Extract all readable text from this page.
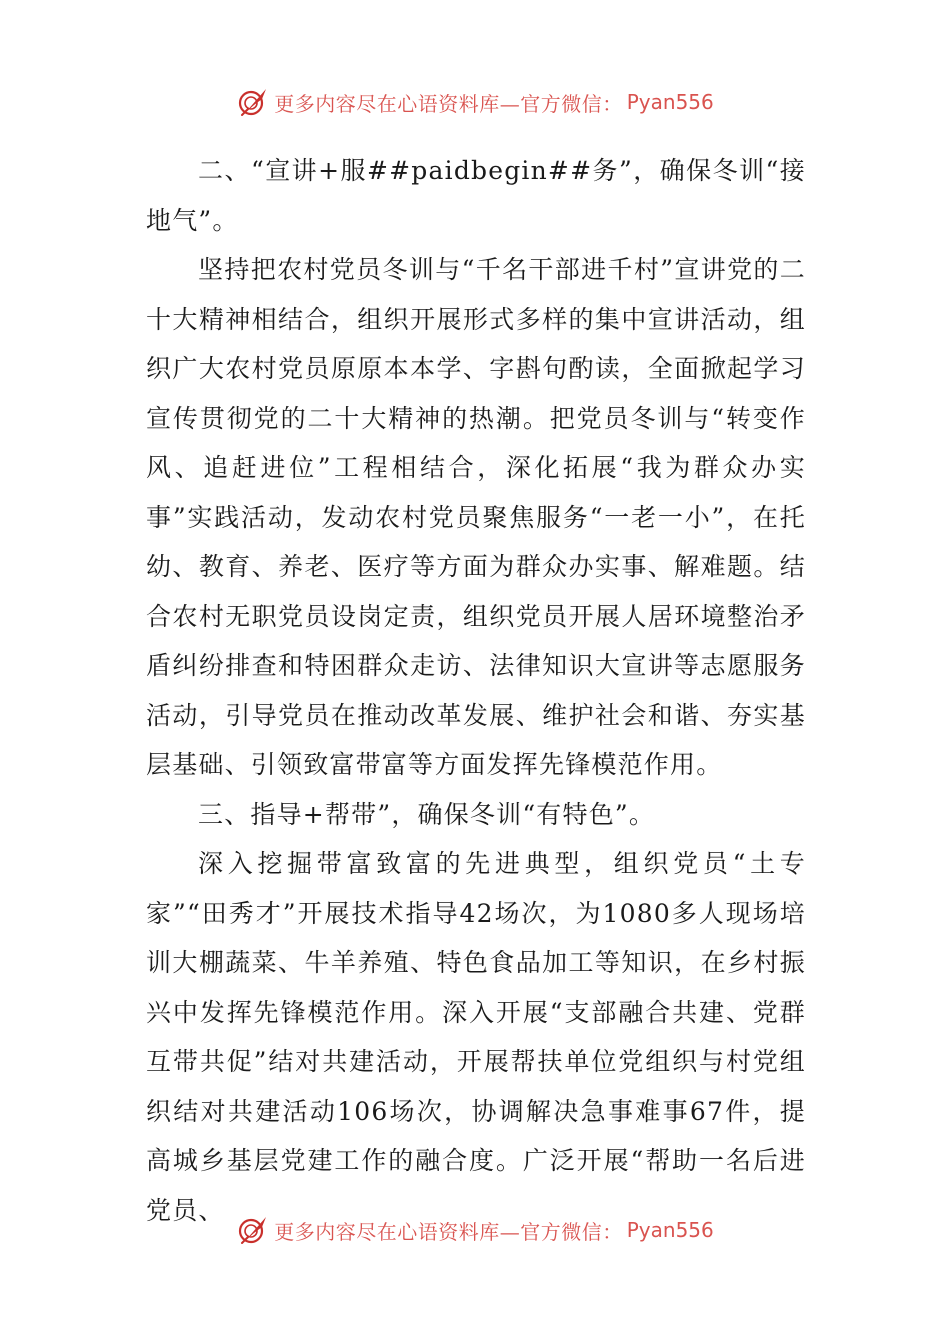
更多内容尽在心语资料库—官方微信： Pyan556

二、“宣讲+服##paidbegin##务”，确保冬训“接地气”。

坚持把农村党员冬训与“千名干部进千村”宣讲党的二十大精神相结合，组织开展形式多样的集中宣讲活动，组织广大农村党员原原本本学、字斟句酌读，全面掀起学习宣传贯彻党的二十大精神的热潮。把党员冬训与“转变作风、追赶进位”工程相结合，深化拓展“我为群众办实事”实践活动，发动农村党员聚焦服务“一老一小”，在托幼、教育、养老、医疗等方面为群众办实事、解难题。结合农村无职党员设岗定责，组织党员开展人居环境整治矛盾纠纷排查和特困群众走访、法律知识大宣讲等志愿服务活动，引导党员在推动改革发展、维护社会和谐、夯实基层基础、引领致富带富等方面发挥先锋模范作用。

三、指导+帮带”，确保冬训“有特色”。

深入挖掘带富致富的先进典型，组织党员“土专家”“田秀才”开展技术指导42场次，为1080多人现场培训大棚蔬菜、牛羊养殖、特色食品加工等知识，在乡村振兴中发挥先锋模范作用。深入开展“支部融合共建、党群互带共促”结对共建活动，开展帮扶单位党组织与村党组织结对共建活动106场次，协调解决急事难事67件，提高城乡基层党建工作的融合度。广泛开展“帮助一名后进党员、

更多内容尽在心语资料库—官方微信： Pyan556
